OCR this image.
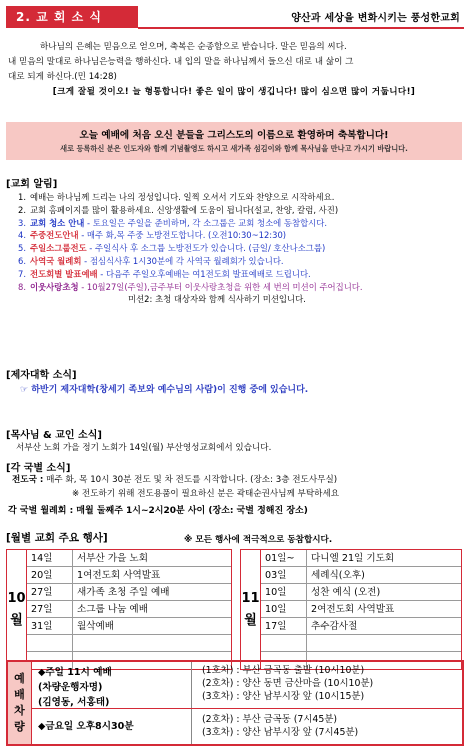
2. 교 회 소 식	양산과 세상을 변화시키는 풍성한교회
하나님의 은혜는 믿음으로 얻으며, 축복은 순종함으로 받습니다. 말은 믿음의 씨다.
내 믿음의 말대로 하나님은능력을 행하신다. 내 입의 말을 하나님께서 들으신 대로 내 삶이 그
대로 되게 하신다.(민 14:28)
[크게 잘될 것이오! 늘 형통합니다! 좋은 일이 많이 생깁니다! 많이 심으면 많이 거둡니다!]
오늘 예배에 처음 오신 분들을 그리스도의 이름으로 환영하며 축복합니다!
새로 등록하신 분은 인도자와 함께 기념촬영도 하시고 새가족 섬김이와 함께 목사님을 만나고 가시기 바랍니다.
[교회 알림]
1. 예배는 하나님께 드리는 나의 정성입니다. 일찍 오셔서 기도와 찬양으로 시작하세요.
2. 교회 홈페이지를 많이 활용하세요. 신앙생활에 도움이 됩니다(설교, 찬양, 칼럼, 사진)
3. 교회 청소 안내 - 토요일은 주일을 준비하며, 각 소그룹은 교회 청소에 동참합시다.
4. 주중전도안내 - 매주 화,목 주중 노방전도합니다. (오전10:30~12:30)
5. 주일소그룹전도 - 주일식사 후 소그룹 노방전도가 있습니다. (금일/ 호산나소그룹)
6. 사역국 월례회 - 점심식사후 1시30분에 각 사역국 월례회가 있습니다.
7. 전도회별 발표예배 - 다음주 주일오후예배는 여1전도회 발표예배로 드립니다.
8. 이웃사랑초청 - 10월27일(주일),금주부터 이웃사랑초청을 위한 세 번의 미션이 주어집니다.
미션2: 초청 대상자와 함께 식사하기 미션입니다.
[제자대학 소식]
☞ 하반기 제자대학(창세기 족보와 예수님의 사람)이 진행 중에 있습니다.
[목사님 & 교인 소식]
서부산 노회 가을 정기 노회가 14일(월) 부산영성교회에서 있습니다.
[각 국별 소식]
전도국 : 매주 화, 목 10시 30분 전도 및 차 전도를 시작합니다. (장소: 3층 전도사무실)
※ 전도하기 위해 전도용품이 필요하신 분은 곽태순권사님께 부탁하세요
각 국별 월례회 : 매월 둘째주 1시~2시20분 사이 (장소: 국별 정해진 장소)
[월별 교회 주요 행사]	※ 모든 행사에 적극적으로 동참합시다.
10
월
14일	서부산 가을 노회
20일	1여전도회 사역발표
27일	새가족 초청 주일 예배
27일	소그룹 나눔 예배
31일	월삭예배
11
월
01일~	다니엘 21일 기도회
03일	세례식(오후)
10일	성찬 예식 (오전)
10일	2여전도회 사역발표
17일	추수감사절
예
배
차
량
◆주일 11시 예배
(차량운행자명)
(김영동, 서홍태)
(1호차) : 부산 금곡동 출발 (10시10분)
(2호차) : 양산 동면 금산마을 (10시10분)
(3호차) : 양산 남부시장 앞 (10시15분)
◆금요일 오후8시30분
(2호차) : 부산 금곡동 (7시45분)
(3호차) : 양산 남부시장 앞 (7시45분)
